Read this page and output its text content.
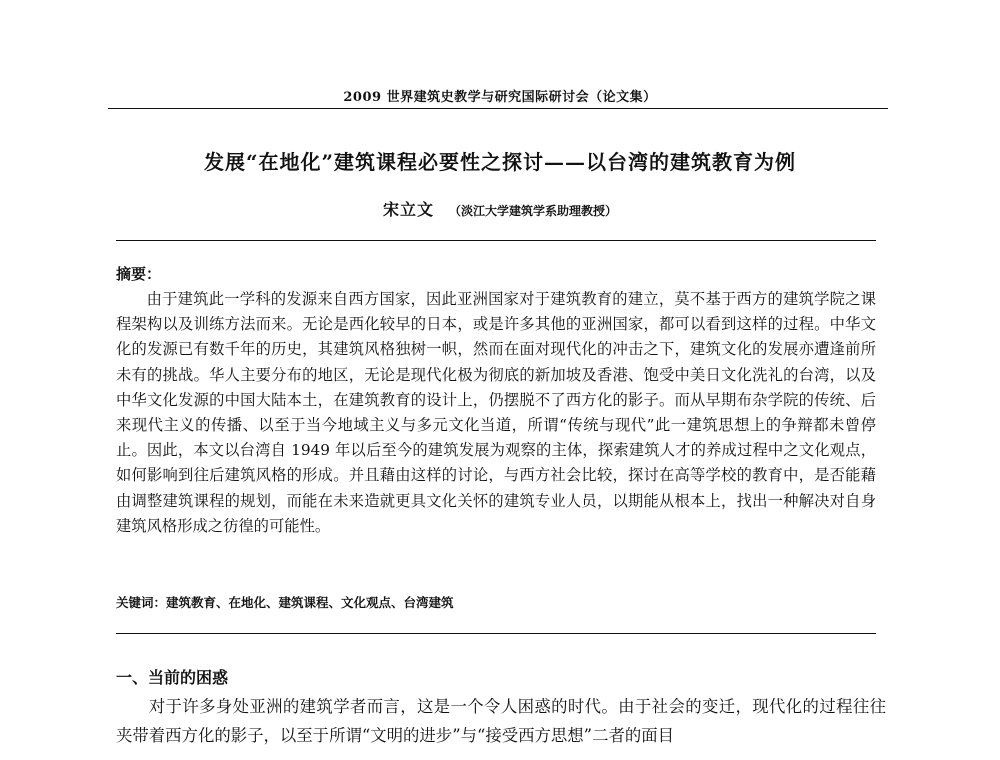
2009 世界建筑史教学与研究国际研讨会（论文集）
发展“在地化”建筑课程必要性之探讨——以台湾的建筑教育为例
宋立文 （淡江大学建筑学系助理教授）
摘要：

由于建筑此一学科的发源来自西方国家，因此亚洲国家对于建筑教育的建立，莫不基于西方的建筑学院之课程架构以及训练方法而来。无论是西化较早的日本，或是许多其他的亚洲国家，都可以看到这样的过程。中华文化的发源已有数千年的历史，其建筑风格独树一帜，然而在面对现代化的冲击之下，建筑文化的发展亦遭逢前所未有的挑战。华人主要分布的地区，无论是现代化极为彻底的新加坡及香港、饱受中美日文化洗礼的台湾，以及中华文化发源的中国大陆本土，在建筑教育的设计上，仍摆脱不了西方化的影子。而从早期布杂学院的传统、后来现代主义的传播、以至于当今地域主义与多元文化当道，所谓“传统与现代”此一建筑思想上的争辩都未曾停止。因此，本文以台湾自 1949 年以后至今的建筑发展为观察的主体，探索建筑人才的养成过程中之文化观点，如何影响到往后建筑风格的形成。并且藉由这样的讨论，与西方社会比较，探讨在高等学校的教育中，是否能藉由调整建筑课程的规划，而能在未来造就更具文化关怀的建筑专业人员，以期能从根本上，找出一种解决对自身建筑风格形成之彷徨的可能性。

关键词：建筑教育、在地化、建筑课程、文化观点、台湾建筑
一、当前的困惑

对于许多身处亚洲的建筑学者而言，这是一个令人困惑的时代。由于社会的变迁，现代化的过程往往夹带着西方化的影子，以至于所谓“文明的进步”与“接受西方思想”二者的面目
